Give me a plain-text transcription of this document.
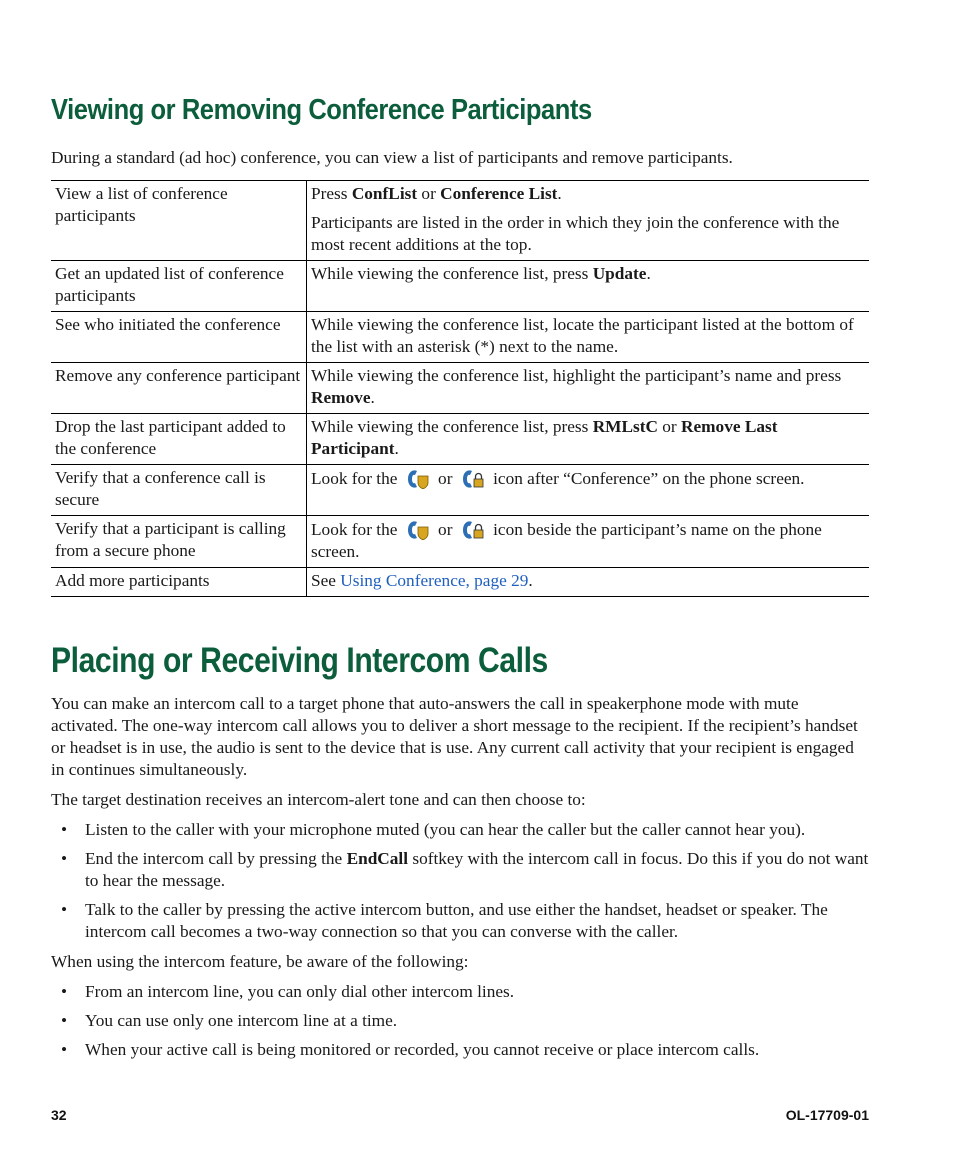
Viewing or Removing Conference Participants

During a standard (ad hoc) conference, you can view a list of participants and remove participants.

View a list of conference participants	Press ConfList or Conference List.

Participants are listed in the order in which they join the conference with the most recent additions at the top.

Get an updated list of conference participants	While viewing the conference list, press Update.
See who initiated the conference	While viewing the conference list, locate the participant listed at the bottom of the list with an asterisk (*) next to the name.
Remove any conference participant	While viewing the conference list, highlight the participant’s name and press Remove.
Drop the last participant added to the conference	While viewing the conference list, press RMLstC or Remove Last Participant.
Verify that a conference call is secure	Look for the or icon after “Conference” on the phone screen.
Verify that a participant is calling from a secure phone	Look for the or icon beside the participant’s name on the phone screen.
Add more participants	See Using Conference, page 29.
Placing or Receiving Intercom Calls

You can make an intercom call to a target phone that auto-answers the call in speakerphone mode with mute activated. The one-way intercom call allows you to deliver a short message to the recipient. If the recipient’s handset or headset is in use, the audio is sent to the device that is use. Any current call activity that your recipient is engaged in continues simultaneously.

The target destination receives an intercom-alert tone and can then choose to:

• Listen to the caller with your microphone muted (you can hear the caller but the caller cannot hear you).
• End the intercom call by pressing the EndCall softkey with the intercom call in focus. Do this if you do not want to hear the message.
• Talk to the caller by pressing the active intercom button, and use either the handset, headset or speaker. The intercom call becomes a two-way connection so that you can converse with the caller.

When using the intercom feature, be aware of the following:

• From an intercom line, you can only dial other intercom lines.
• You can use only one intercom line at a time.
• When your active call is being monitored or recorded, you cannot receive or place intercom calls.
32	OL-17709-01
